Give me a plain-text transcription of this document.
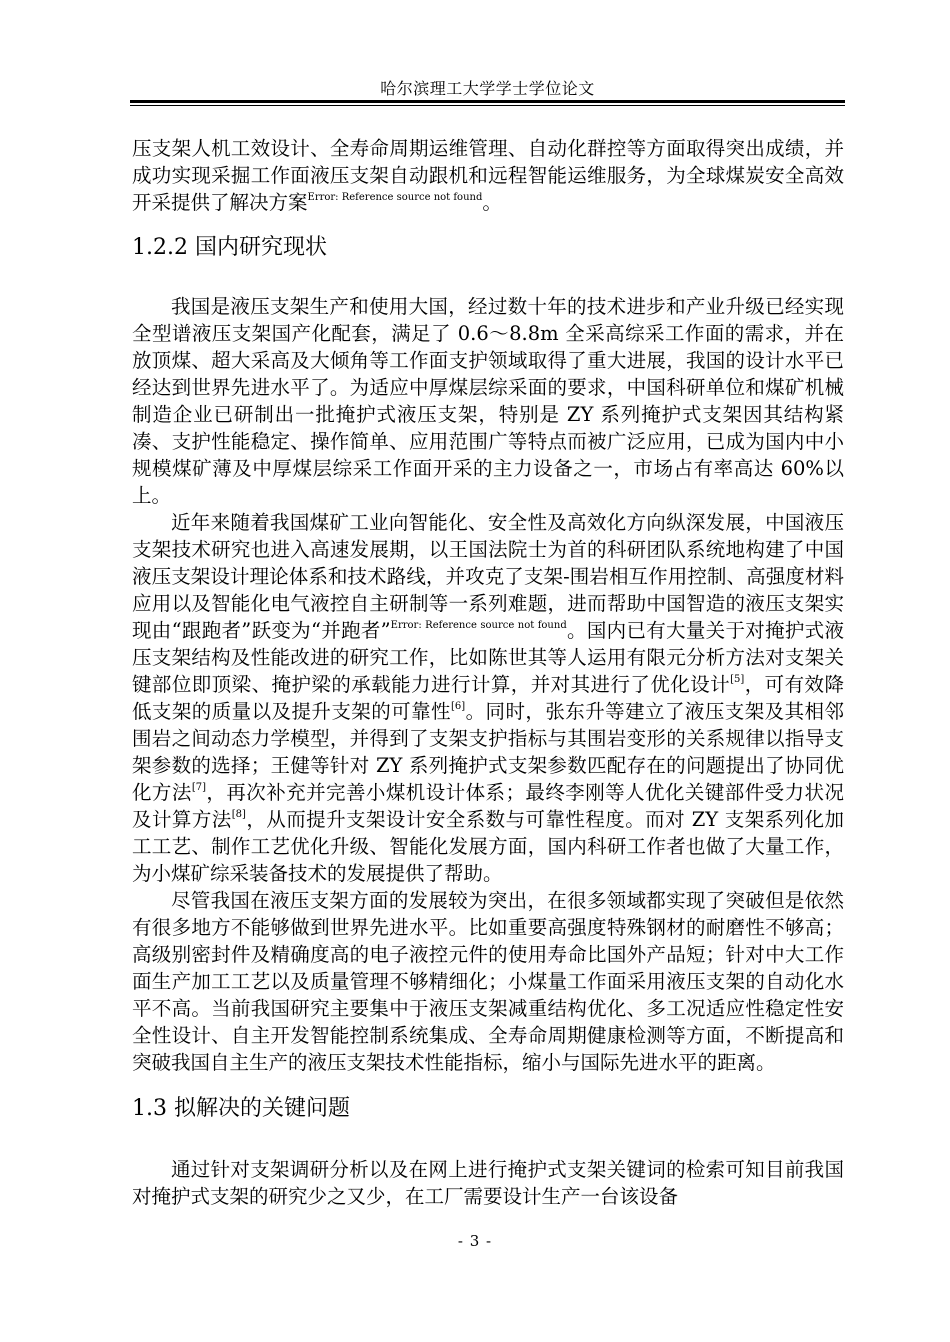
哈尔滨理工大学学士学位论文

压支架人机工效设计、全寿命周期运维管理、自动化群控等方面取得突出成绩，并成功实现采掘工作面液压支架自动跟机和远程智能运维服务，为全球煤炭安全高效开采提供了解决方案$^{Error: Reference source not found}$。

1.2.2 国内研究现状

我国是液压支架生产和使用大国，经过数十年的技术进步和产业升级已经实现全型谱液压支架国产化配套，满足了 0.6～8.8m 全采高综采工作面的需求，并在放顶煤、超大采高及大倾角等工作面支护领域取得了重大进展，我国的设计水平已经达到世界先进水平了。为适应中厚煤层综采面的要求，中国科研单位和煤矿机械制造企业已研制出一批掩护式液压支架，特别是 ZY 系列掩护式支架因其结构紧凑、支护性能稳定、操作简单、应用范围广等特点而被广泛应用，已成为国内中小规模煤矿薄及中厚煤层综采工作面开采的主力设备之一，市场占有率高达 60%以上。

近年来随着我国煤矿工业向智能化、安全性及高效化方向纵深发展，中国液压支架技术研究也进入高速发展期，以王国法院士为首的科研团队系统地构建了中国液压支架设计理论体系和技术路线，并攻克了支架-围岩相互作用控制、高强度材料应用以及智能化电气液控自主研制等一系列难题，进而帮助中国智造的液压支架实现由“跟跑者”跃变为“并跑者”$^{Error: Reference source not found}$。国内已有大量关于对掩护式液压支架结构及性能改进的研究工作，比如陈世其等人运用有限元分析方法对支架关键部位即顶梁、掩护梁的承载能力进行计算，并对其进行了优化设计[5]，可有效降低支架的质量以及提升支架的可靠性[6]。同时，张东升等建立了液压支架及其相邻围岩之间动态力学模型，并得到了支架支护指标与其围岩变形的关系规律以指导支架参数的选择；王健等针对 ZY 系列掩护式支架参数匹配存在的问题提出了协同优化方法[7]，再次补充并完善小煤机设计体系；最终李刚等人优化关键部件受力状况及计算方法[8]，从而提升支架设计安全系数与可靠性程度。而对 ZY 支架系列化加工工艺、制作工艺优化升级、智能化发展方面，国内科研工作者也做了大量工作，为小煤矿综采装备技术的发展提供了帮助。

尽管我国在液压支架方面的发展较为突出，在很多领域都实现了突破但是依然有很多地方不能够做到世界先进水平。比如重要高强度特殊钢材的耐磨性不够高；高级别密封件及精确度高的电子液控元件的使用寿命比国外产品短；针对中大工作面生产加工工艺以及质量管理不够精细化；小煤量工作面采用液压支架的自动化水平不高。当前我国研究主要集中于液压支架减重结构优化、多工况适应性稳定性安全性设计、自主开发智能控制系统集成、全寿命周期健康检测等方面，不断提高和突破我国自主生产的液压支架技术性能指标，缩小与国际先进水平的距离。

1.3 拟解决的关键问题

通过针对支架调研分析以及在网上进行掩护式支架关键词的检索可知目前我国对掩护式支架的研究少之又少，在工厂需要设计生产一台该设备

- 3 -
